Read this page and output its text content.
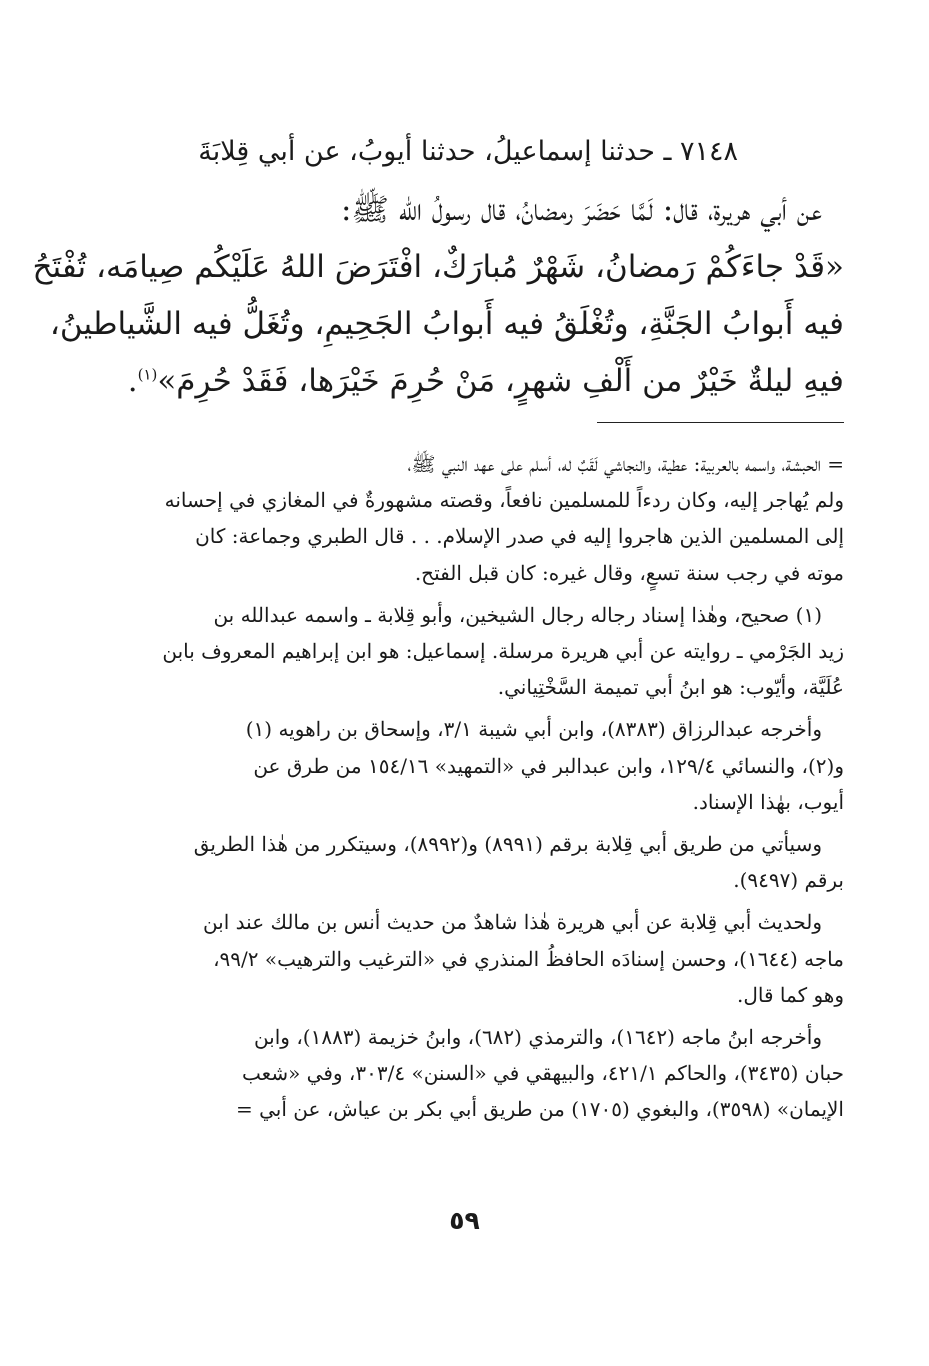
٧١٤٨ ـ حدثنا إسماعيلُ، حدثنا أيوبُ، عن أبي قِلابَةَ
عن أبي هريرة، قال: لَمَّا حَضَرَ رمضانُ، قال رسولُ الله ﷺ:
«قَدْ جاءَكُمْ رَمضانُ، شَهْرٌ مُبارَكٌ، افْتَرَضَ اللهُ عَلَيْكُم صِيامَه، تُفْتَحُ
فيه أَبوابُ الجَنَّةِ، وتُغْلَقُ فيه أَبوابُ الجَحِيمِ، وتُغَلُّ فيه الشَّياطينُ،
فيهِ ليلةٌ خَيْرٌ من أَلْفِ شهرٍ، مَنْ حُرِمَ خَيْرَها، فَقَدْ حُرِمَ»$^{(١)}$.
= الحبشة، واسمه بالعربية: عطية، والنجاشي لَقَبٌ له، أسلم على عهد النبي ﷺ،
ولم يُهاجر إليه، وكان ردءاً للمسلمين نافعاً، وقصته مشهورةٌ في المغازي في إحسانه
إلى المسلمين الذين هاجروا إليه في صدر الإسلام. . . قال الطبري وجماعة: كان
موته في رجب سنة تسعٍ، وقال غيره: كان قبل الفتح.
(١) صحيح، وهٰذا إسناد رجاله رجال الشيخين، وأبو قِلابة ـ واسمه عبدالله بن
زيد الجَرْمي ـ روايته عن أبي هريرة مرسلة. إسماعيل: هو ابن إبراهيم المعروف بابن
عُلَيَّة، وأيّوب: هو ابنُ أبي تميمة السَّخْتِياني.
وأخرجه عبدالرزاق (٨٣٨٣)، وابن أبي شيبة ٣/١، وإسحاق بن راهويه (١)
و(٢)، والنسائي ١٢٩/٤، وابن عبدالبر في «التمهيد» ١٥٤/١٦ من طرق عن
أيوب، بهٰذا الإسناد.
وسيأتي من طريق أبي قِلابة برقم (٨٩٩١) و(٨٩٩٢)، وسيتكرر من هٰذا الطريق
برقم (٩٤٩٧).
ولحديث أبي قِلابة عن أبي هريرة هٰذا شاهدٌ من حديث أنس بن مالك عند ابن
ماجه (١٦٤٤)، وحسن إسنادَه الحافظُ المنذري في «الترغيب والترهيب» ٩٩/٢،
وهو كما قال.
وأخرجه ابنُ ماجه (١٦٤٢)، والترمذي (٦٨٢)، وابنُ خزيمة (١٨٨٣)، وابن
حبان (٣٤٣٥)، والحاكم ٤٢١/١، والبيهقي في «السنن» ٣٠٣/٤، وفي «شعب
الإيمان» (٣٥٩٨)، والبغوي (١٧٠٥) من طريق أبي بكر بن عياش، عن أبي =
٥٩
